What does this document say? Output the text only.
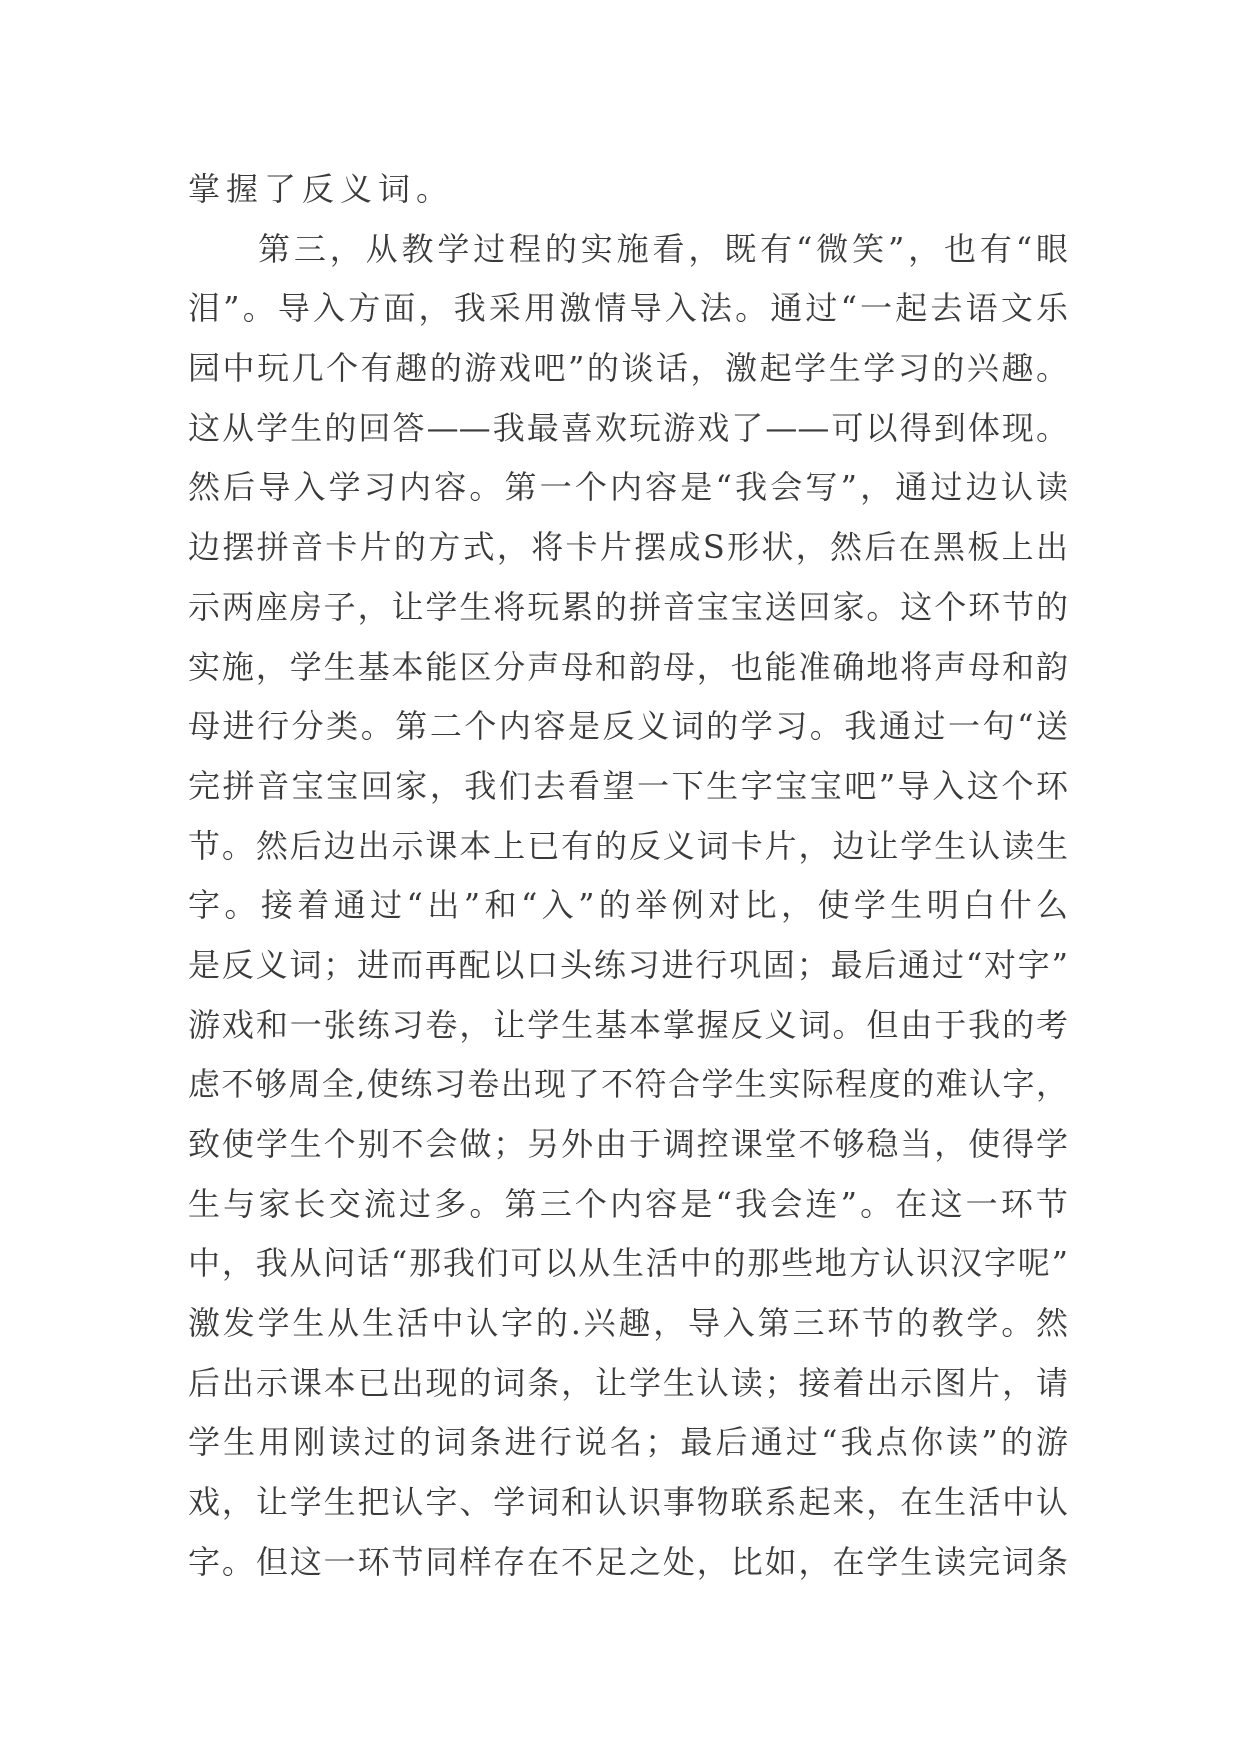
掌握了反义词。
第三，从教学过程的实施看，既有“微笑”，也有“眼
泪”。导入方面，我采用激情导入法。通过“一起去语文乐
园中玩几个有趣的游戏吧”的谈话，激起学生学习的兴趣。
这从学生的回答——我最喜欢玩游戏了——可以得到体现。
然后导入学习内容。第一个内容是“我会写”，通过边认读
边摆拼音卡片的方式，将卡片摆成S形状，然后在黑板上出
示两座房子，让学生将玩累的拼音宝宝送回家。这个环节的
实施，学生基本能区分声母和韵母，也能准确地将声母和韵
母进行分类。第二个内容是反义词的学习。我通过一句“送
完拼音宝宝回家，我们去看望一下生字宝宝吧”导入这个环
节。然后边出示课本上已有的反义词卡片，边让学生认读生
字。接着通过“出”和“入”的举例对比，使学生明白什么
是反义词；进而再配以口头练习进行巩固；最后通过“对字”
游戏和一张练习卷，让学生基本掌握反义词。但由于我的考
虑不够周全,使练习卷出现了不符合学生实际程度的难认字，
致使学生个别不会做；另外由于调控课堂不够稳当，使得学
生与家长交流过多。第三个内容是“我会连”。在这一环节
中，我从问话“那我们可以从生活中的那些地方认识汉字呢”
激发学生从生活中认字的.兴趣，导入第三环节的教学。然
后出示课本已出现的词条，让学生认读；接着出示图片，请
学生用刚读过的词条进行说名；最后通过“我点你读”的游
戏，让学生把认字、学词和认识事物联系起来，在生活中认
字。但这一环节同样存在不足之处，比如，在学生读完词条
